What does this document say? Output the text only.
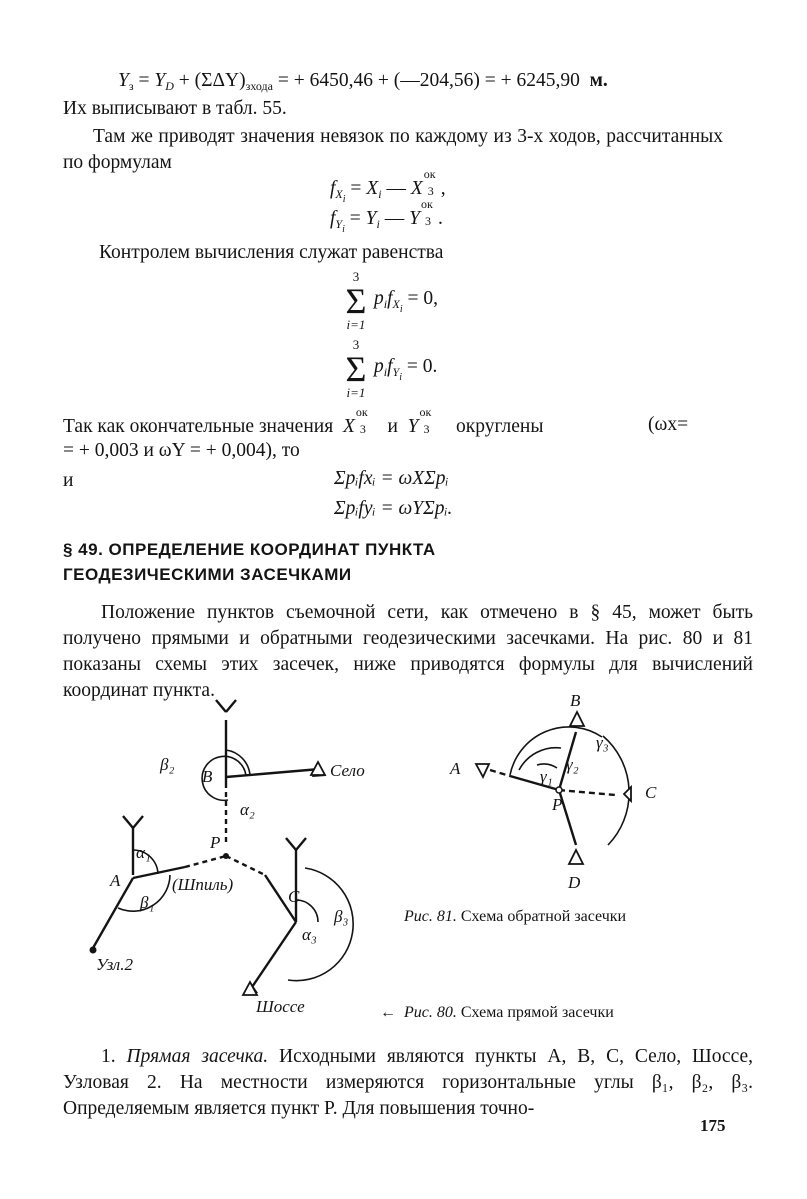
$Y_з = Y_D + (\Sigma\Delta Y)_{зхода}$ = + 6450,46 + (—204,56) = + 6245,90 м.
Их выписывают в табл. 55.
Там же приводят значения невязок по каждому из 3-х ходов, рассчитанных по формулам
$f_{Xi} = X_i$ — X
ок
3 ,
$f_{Yi} = Y_i$ — Y
ок
3 .
Контролем вычисления служат равенства
3
Σ
i=1
$p_if_{Xi} = 0$,
3
Σ
i=1
$p_if_{Yi} = 0$.
Так как окончательные значения X
ок
3 и Y
ок
3 округлены	(ωx=
= + 0,003 и ωY = + 0,004), то
и	Σpᵢfxᵢ = ωXΣpᵢ
Σpᵢfyᵢ = ωYΣpᵢ.
§ 49. ОПРЕДЕЛЕНИЕ КООРДИНАТ ПУНКТА
ГЕОДЕЗИЧЕСКИМИ ЗАСЕЧКАМИ
Положение пунктов съемочной сети, как отмечено в § 45, может быть получено прямыми и обратными геодезическими засечками. На рис. 80 и 81 показаны схемы этих засечек, ниже приводятся формулы для вычислений координат пункта.
B	Село
β₂
α₂
P
α₁
A	(Шпиль)
β₁	C
α₃
β₃
Узл.2
Шоссе
B
A
γ₃
γ₂
γ₁
P
C
D
Рис. 81. Схема обратной засечки
← Рис. 80. Схема прямой засечки
1. Прямая засечка. Исходными являются пункты A, B, C, Село, Шоссе, Узловая 2. На местности измеряются горизонтальные углы β₁, β₂, β₃. Определяемым является пункт P. Для повышения точно-
175
